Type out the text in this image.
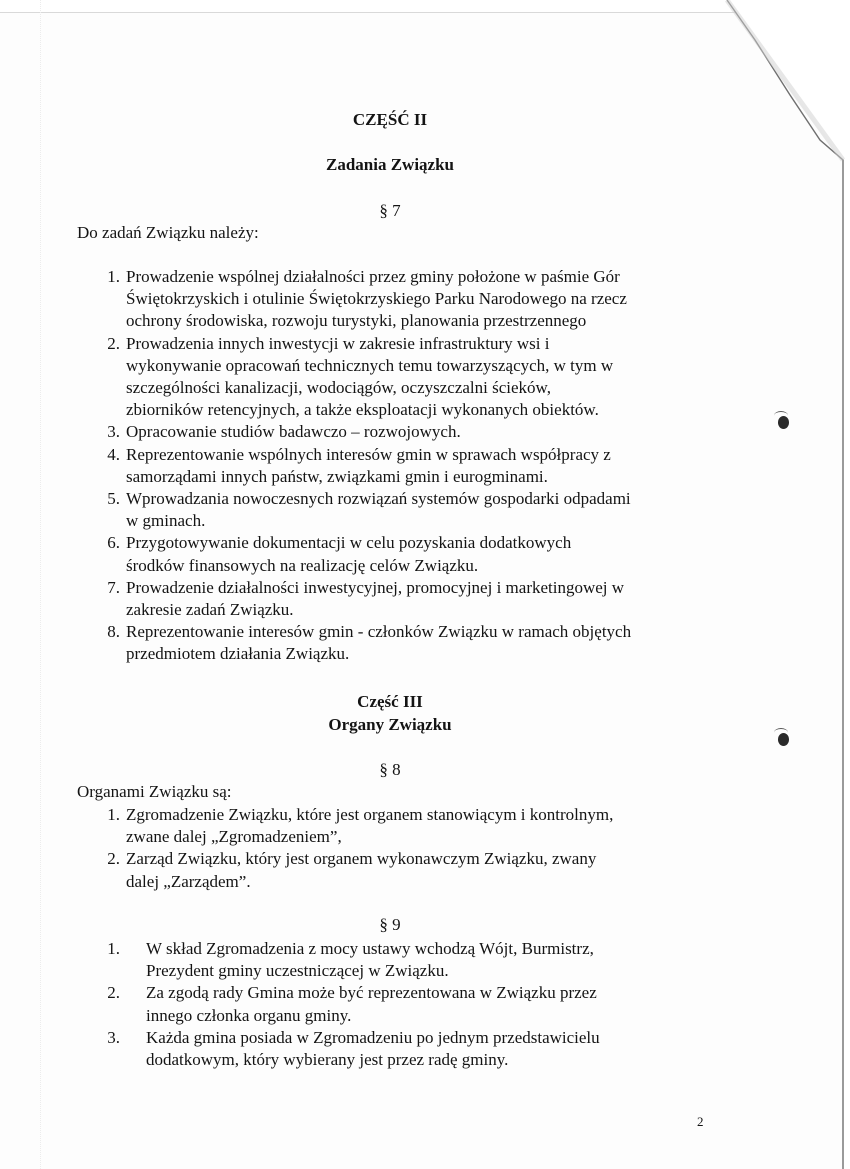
CZĘŚĆ II
Zadania Związku
§ 7
Do zadań Związku należy:
1. Prowadzenie wspólnej działalności przez gminy położone w paśmie Gór
Świętokrzyskich i otulinie Świętokrzyskiego Parku Narodowego na rzecz
ochrony środowiska, rozwoju turystyki, planowania przestrzennego
2. Prowadzenia innych inwestycji w zakresie infrastruktury wsi i
wykonywanie opracowań technicznych temu towarzyszących, w tym w
szczególności kanalizacji, wodociągów, oczyszczalni ścieków,
zbiorników retencyjnych, a także eksploatacji wykonanych obiektów.
3. Opracowanie studiów badawczo – rozwojowych.
4. Reprezentowanie wspólnych interesów gmin w sprawach współpracy z
samorządami innych państw, związkami gmin i eurogminami.
5. Wprowadzania nowoczesnych rozwiązań systemów gospodarki odpadami
w gminach.
6. Przygotowywanie dokumentacji w celu pozyskania dodatkowych
środków finansowych na realizację celów Związku.
7. Prowadzenie działalności inwestycyjnej, promocyjnej i marketingowej w
zakresie zadań Związku.
8. Reprezentowanie interesów gmin - członków Związku w ramach objętych
przedmiotem działania Związku.
Część III
Organy Związku
§ 8
Organami Związku są:
1. Zgromadzenie Związku, które jest organem stanowiącym i kontrolnym,
zwane dalej „Zgromadzeniem”,
2. Zarząd Związku, który jest organem wykonawczym Związku, zwany
dalej „Zarządem”.
§ 9
1. W skład Zgromadzenia z mocy ustawy wchodzą Wójt, Burmistrz,
Prezydent gminy uczestniczącej w Związku.
2. Za zgodą rady Gmina może być reprezentowana w Związku przez
innego członka organu gminy.
3. Każda gmina posiada w Zgromadzeniu po jednym przedstawicielu
dodatkowym, który wybierany jest przez radę gminy.
2
